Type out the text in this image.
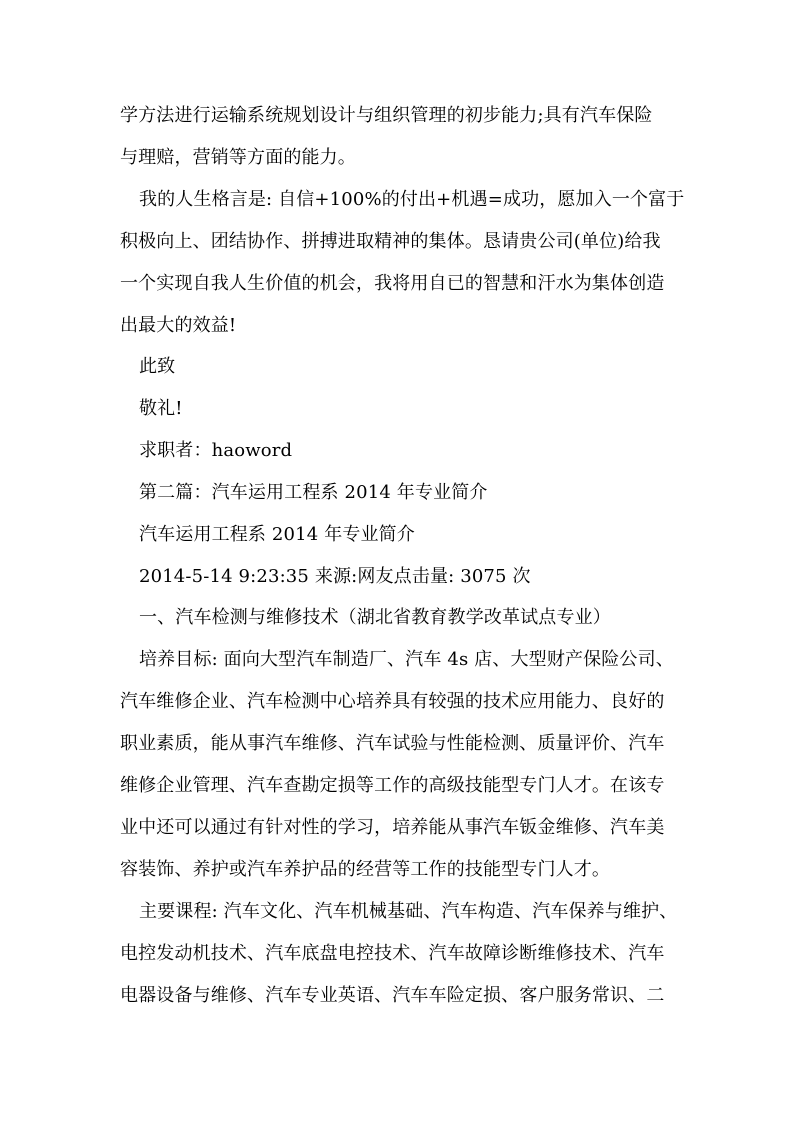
学方法进行运输系统规划设计与组织管理的初步能力;具有汽车保险
与理赔，营销等方面的能力。
我的人生格言是: 自信+100%的付出+机遇=成功，愿加入一个富于
积极向上、团结协作、拼搏进取精神的集体。恳请贵公司(单位)给我
一个实现自我人生价值的机会，我将用自已的智慧和汗水为集体创造
出最大的效益!
此致
敬礼!
求职者：haoword
第二篇：汽车运用工程系 2014 年专业简介
汽车运用工程系 2014 年专业简介
2014-5-14 9:23:35 来源:网友点击量: 3075 次
一、汽车检测与维修技术（湖北省教育教学改革试点专业）
培养目标: 面向大型汽车制造厂、汽车 4s 店、大型财产保险公司、
汽车维修企业、汽车检测中心培养具有较强的技术应用能力、良好的
职业素质，能从事汽车维修、汽车试验与性能检测、质量评价、汽车
维修企业管理、汽车查勘定损等工作的高级技能型专门人才。在该专
业中还可以通过有针对性的学习，培养能从事汽车钣金维修、汽车美
容装饰、养护或汽车养护品的经营等工作的技能型专门人才。
主要课程: 汽车文化、汽车机械基础、汽车构造、汽车保养与维护、
电控发动机技术、汽车底盘电控技术、汽车故障诊断维修技术、汽车
电器设备与维修、汽车专业英语、汽车车险定损、客户服务常识、二
